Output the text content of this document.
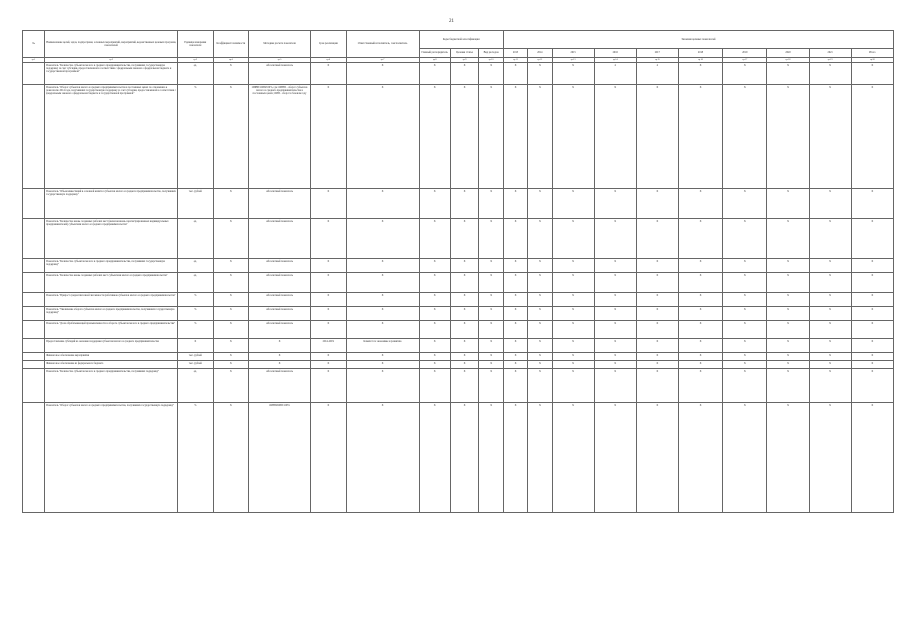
21
№	Наименование целей, задач, подпрограмм, основных мероприятий, мероприятий, ведомственных целевых программ, показателей	Единица измерения показателя	Коэффициент значимости	Методика расчета показателя	Срок реализации	Ответственный исполнитель, соисполнитель	Коды бюджетной классификации			Значения целевых показателей									
							Главный распорядитель	Целевая статья	Вид расходов	2013	2014	2015	2016	2017	2018	2019	2020	2021	Итого
гр.1	гр.2	гр.3	гр.4	гр.5	гр.6	гр.7	гр.8	гр.9	гр.10	гр.11	гр.12	гр.13	гр.14	гр.15	гр.16	гр.17	гр.18	гр.19	гр.20
	Показатель "Количество субъектов малого и среднего предпринимательства, получивших государственную поддержку за счет субсидии, предоставленной в соответствии с федеральным законом о федеральном бюджете и государственной программой"	ед.	Х	Абсолютный показатель	Х	Х	Х	Х	Х	Х	Х	Х	4	4	Х	Х	Х	Х	Х
	Показатель "Оборот субъектов малого и среднего предпринимательства в постоянных ценах по отношению к показателю 2014 года, получивших государственную поддержку за счет субсидии, предоставленной в соответствии с федеральным законом о федеральном бюджете и государственной программой"	%	Х	ОИНП/ОИП/100%, где: ОИНП - оборот субъектов малого и среднего предпринимательства в постоянных ценах; ОИП - оборот в базовом году	Х	Х	Х	Х	Х	Х	Х	Х	Х	Х	Х	Х	Х	Х	Х
	Показатель "Объем инвестиций в основной капитал субъектов малого и среднего предпринимательства, получивших государственную поддержку"	тыс. рублей	Х	Абсолютный показатель	Х	Х	Х	Х	Х	Х	Х	Х	Х	Х	Х	Х	Х	Х	Х
	Показатель "Количество вновь созданных рабочих мест (включая вновь зарегистрированных индивидуальных предпринимателей) субъектами малого и среднего предпринимательства"	ед.	Х	Абсолютный показатель	Х	Х	Х	Х	Х	Х	Х	Х	Х	Х	Х	Х	Х	Х	Х
	Показатель "Количество субъектов малого и среднего предпринимательства, получивших государственную поддержку"	ед.	Х	Абсолютный показатель	Х	Х	Х	Х	Х	Х	Х	Х	Х	Х	Х	Х	Х	Х	Х
	Показатель "Количество вновь созданных рабочих мест субъектами малого и среднего предпринимательства"	ед.	Х	Абсолютный показатель	Х	Х	Х	Х	Х	Х	Х	Х	Х	Х	Х	Х	Х	Х	Х
	Показатель "Прирост среднесписочной численности работников субъектов малого и среднего предпринимательства"	%	Х	Абсолютный показатель	Х	Х	Х	Х	Х	Х	Х	Х	Х	Х	Х	Х	Х	Х	Х
	Показатель "Увеличение оборота субъектов малого и среднего предпринимательства, получивших государственную поддержку"	%	Х	Абсолютный показатель	Х	Х	Х	Х	Х	Х	Х	Х	Х	Х	Х	Х	Х	Х	Х
	Показатель "Доля обрабатывающей промышленности в обороте субъектов малого и среднего предпринимательства"	%	Х	Абсолютный показатель	Х	Х	Х	Х	Х	Х	Х	Х	Х	Х	Х	Х	Х	Х	Х
	Предоставление субсидий на оказание поддержки субъектам малого и среднего предпринимательства	Х	Х	Х	2014-2019	Комитет по экономике и развитию	Х	Х	Х	Х	Х	Х	Х	Х	Х	Х	Х	Х	Х
	Финансовое обеспечение мероприятия	тыс. рублей	Х	Х	Х	Х	Х	Х	Х	Х	Х	Х	Х	Х	Х	Х	Х	Х	Х
	Финансовое обеспечение из федерального бюджета	тыс. рублей	Х	Х	Х	Х	Х	Х	Х	Х	Х	Х	Х	Х	Х	Х	Х	Х	Х
	Показатель "Количество субъектов малого и среднего предпринимательства, получивших поддержку"	ед.	Х	Абсолютный показатель	Х	Х	Х	Х	Х	Х	Х	Х	Х	Х	Х	Х	Х	Х	Х
	Показатель "Оборот субъектов малого и среднего предпринимательства, получивших государственную поддержку"	%	Х	ОИНП/ОИП/100%	Х	Х	Х	Х	Х	Х	Х	Х	Х	Х	Х	Х	Х	Х	Х
